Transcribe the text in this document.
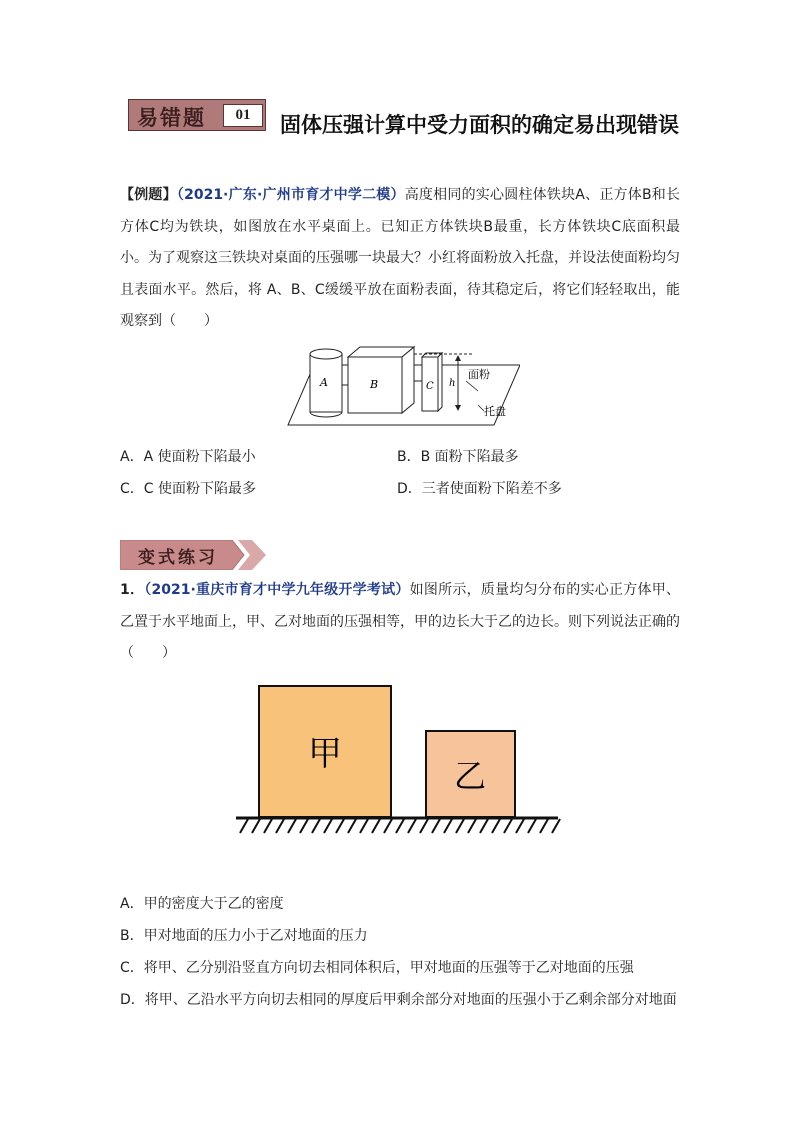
易错题	01	固体压强计算中受力面积的确定易出现错误
【例题】（2021·广东·广州市育才中学二模）高度相同的实心圆柱体铁块A、正方体B和长方体C均为铁块，如图放在水平桌面上。已知正方体铁块B最重，长方体铁块C底面积最小。为了观察这三铁块对桌面的压强哪一块最大？小红将面粉放入托盘，并设法使面粉均匀且表面水平。然后，将 A、B、C缓缓平放在面粉表面，待其稳定后，将它们轻轻取出，能观察到（　　）
A	B	C h
面粉
托盘
A．A 使面粉下陷最小	B．B 面粉下陷最多
C．C 使面粉下陷最多	D．三者使面粉下陷差不多
变式练习
1．（2021·重庆市育才中学九年级开学考试）如图所示，质量均匀分布的实心正方体甲、乙置于水平地面上，甲、乙对地面的压强相等，甲的边长大于乙的边长。则下列说法正确的（　　）
甲
乙
A．甲的密度大于乙的密度
B．甲对地面的压力小于乙对地面的压力
C．将甲、乙分别沿竖直方向切去相同体积后，甲对地面的压强等于乙对地面的压强
D．将甲、乙沿水平方向切去相同的厚度后甲剩余部分对地面的压强小于乙剩余部分对地面
